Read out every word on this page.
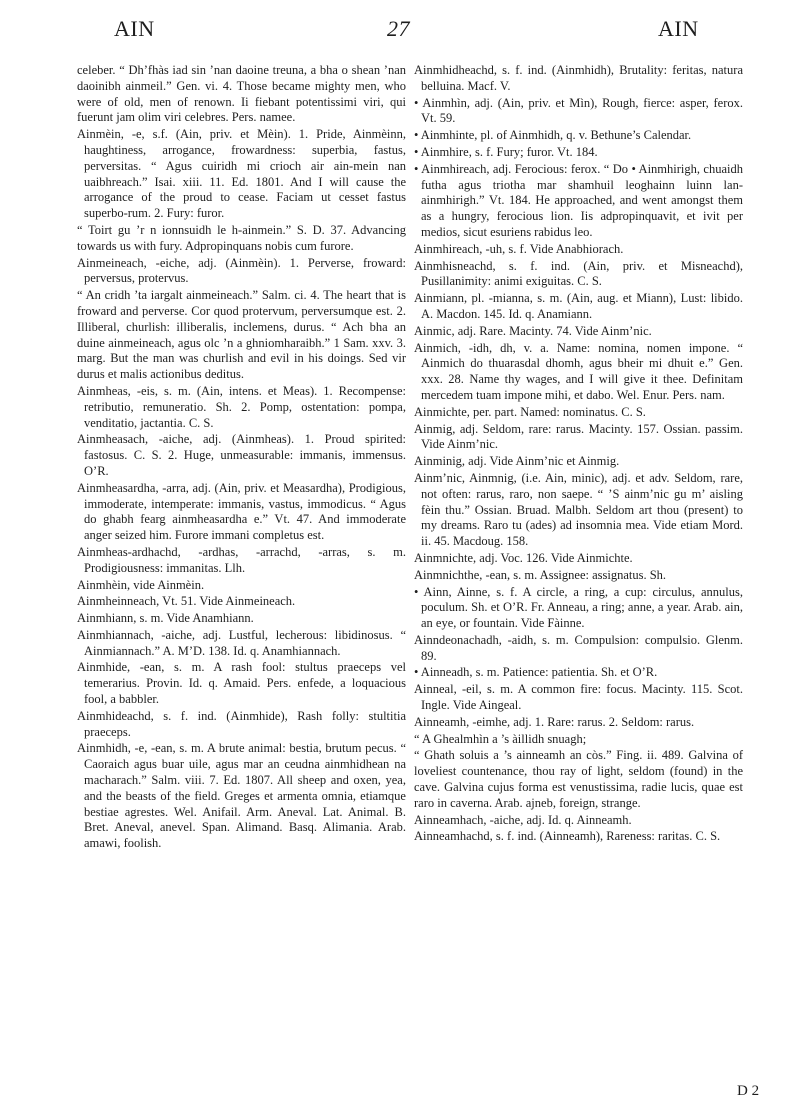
AIN	27	AIN

celeber. “ Dh’fhàs iad sin ’nan daoine treuna, a bha o shean ’nan daoinibh ainmeil.” Gen. vi. 4. Those became mighty men, who were of old, men of renown. Ii fiebant potentissimi viri, qui fuerunt jam olim viri celebres. Pers. namee.

Ainmèin, -e, s.f. (Ain, priv. et Mèin). 1. Pride, Ainmèinn, haughtiness, arrogance, frowardness: superbia, fastus, perversitas. “ Agus cuiridh mi crioch air ain-mein nan uaibhreach.” Isai. xiii. 11. Ed. 1801. And I will cause the arrogance of the proud to cease. Faciam ut cesset fastus superbo-rum. 2. Fury: furor.

“ Toirt gu ’r n ionnsuidh le h-ainmein.” S. D. 37. Advancing towards us with fury. Adpropinquans nobis cum furore.

Ainmeineach, -eiche, adj. (Ainmèin). 1. Perverse, froward: perversus, protervus.

“ An cridh ’ta iargalt ainmeineach.” Salm. ci. 4. The heart that is froward and perverse. Cor quod protervum, perversumque est. 2. Illiberal, churlish: illiberalis, inclemens, durus. “ Ach bha an duine ainmeineach, agus olc ’n a ghniomharaibh.” 1 Sam. xxv. 3. marg. But the man was churlish and evil in his doings. Sed vir durus et malis actionibus deditus.

Ainmheas, -eis, s. m. (Ain, intens. et Meas). 1. Recompense: retributio, remuneratio. Sh. 2. Pomp, ostentation: pompa, venditatio, jactantia. C. S.

Ainmheasach, -aiche, adj. (Ainmheas). 1. Proud spirited: fastosus. C. S. 2. Huge, unmeasurable: immanis, immensus. O’R.

Ainmheasardha, -arra, adj. (Ain, priv. et Measardha), Prodigious, immoderate, intemperate: immanis, vastus, immodicus. “ Agus do ghabh fearg ainmheasardha e.” Vt. 47. And immoderate anger seized him. Furore immani completus est.

Ainmheas-ardhachd, -ardhas, -arrachd, -arras, s. m. Prodigiousness: immanitas. Llh.

Ainmhèin, vide Ainmèin.

Ainmheinneach, Vt. 51. Vide Ainmeineach.

Ainmhiann, s. m. Vide Anamhiann.

Ainmhiannach, -aiche, adj. Lustful, lecherous: libidinosus. “ Ainmiannach.” A. M’D. 138. Id. q. Anamhiannach.

Ainmhide, -ean, s. m. A rash fool: stultus praeceps vel temerarius. Provin. Id. q. Amaid. Pers. enfede, a loquacious fool, a babbler.

Ainmhideachd, s. f. ind. (Ainmhide), Rash folly: stultitia praeceps.

Ainmhidh, -e, -ean, s. m. A brute animal: bestia, brutum pecus. “ Caoraich agus buar uile, agus mar an ceudna ainmhidhean na macharach.” Salm. viii. 7. Ed. 1807. All sheep and oxen, yea, and the beasts of the field. Greges et armenta omnia, etiamque bestiae agrestes. Wel. Anifail. Arm. Aneval. Lat. Animal. B. Bret. Aneval, anevel. Span. Alimand. Basq. Alimania. Arab. amawi, foolish.

Ainmhidheachd, s. f. ind. (Ainmhidh), Brutality: feritas, natura belluina. Macf. V.

• Ainmhìn, adj. (Ain, priv. et Mìn), Rough, fierce: asper, ferox. Vt. 59.

• Ainmhinte, pl. of Ainmhidh, q. v. Bethune’s Calendar.

• Ainmhire, s. f. Fury; furor. Vt. 184.

• Ainmhireach, adj. Ferocious: ferox. “ Do • Ainmhirigh, chuaidh futha agus triotha mar shamhuil leoghainn luinn lan-ainmhirigh.” Vt. 184. He approached, and went amongst them as a hungry, ferocious lion. Iis adpropinquavit, et ivit per medios, sicut esuriens rabidus leo.

Ainmhireach, -uh, s. f. Vide Anabhiorach.

Ainmhisneachd, s. f. ind. (Ain, priv. et Misneachd), Pusillanimity: animi exiguitas. C. S.

Ainmiann, pl. -mianna, s. m. (Ain, aug. et Miann), Lust: libido. A. Macdon. 145. Id. q. Anamiann.

Ainmic, adj. Rare. Macinty. 74. Vide Ainm’nic.

Ainmich, -idh, dh, v. a. Name: nomina, nomen impone. “ Ainmich do thuarasdal dhomh, agus bheir mi dhuit e.” Gen. xxx. 28. Name thy wages, and I will give it thee. Definitam mercedem tuam impone mihi, et dabo. Wel. Enur. Pers. nam.

Ainmichte, per. part. Named: nominatus. C. S.

Ainmig, adj. Seldom, rare: rarus. Macinty. 157. Ossian. passim. Vide Ainm’nic.

Ainminig, adj. Vide Ainm’nic et Ainmig.

Ainm’nic, Ainmnig, (i.e. Ain, minic), adj. et adv. Seldom, rare, not often: rarus, raro, non saepe. “ ’S ainm’nic gu m’ aisling fèin thu.” Ossian. Bruad. Malbh. Seldom art thou (present) to my dreams. Raro tu (ades) ad insomnia mea. Vide etiam Mord. ii. 45. Macdoug. 158.

Ainmnichte, adj. Voc. 126. Vide Ainmichte.

Ainmnichthe, -ean, s. m. Assignee: assignatus. Sh.

• Ainn, Ainne, s. f. A circle, a ring, a cup: circulus, annulus, poculum. Sh. et O’R. Fr. Anneau, a ring; anne, a year. Arab. ain, an eye, or fountain. Vide Fàinne.

Ainndeonachadh, -aidh, s. m. Compulsion: compulsio. Glenm. 89.

• Ainneadh, s. m. Patience: patientia. Sh. et O’R.

Ainneal, -eil, s. m. A common fire: focus. Macinty. 115. Scot. Ingle. Vide Aingeal.

Ainneamh, -eimhe, adj. 1. Rare: rarus. 2. Seldom: rarus.

“ A Ghealmhìn a ’s àillidh snuagh;

“ Ghath soluis a ’s ainneamh an còs.” Fing. ii. 489. Galvina of loveliest countenance, thou ray of light, seldom (found) in the cave. Galvina cujus forma est venustissima, radie lucis, quae est raro in caverna. Arab. ajneb, foreign, strange.

Ainneamhach, -aiche, adj. Id. q. Ainneamh.

Ainneamhachd, s. f. ind. (Ainneamh), Rareness: raritas. C. S.

D 2
